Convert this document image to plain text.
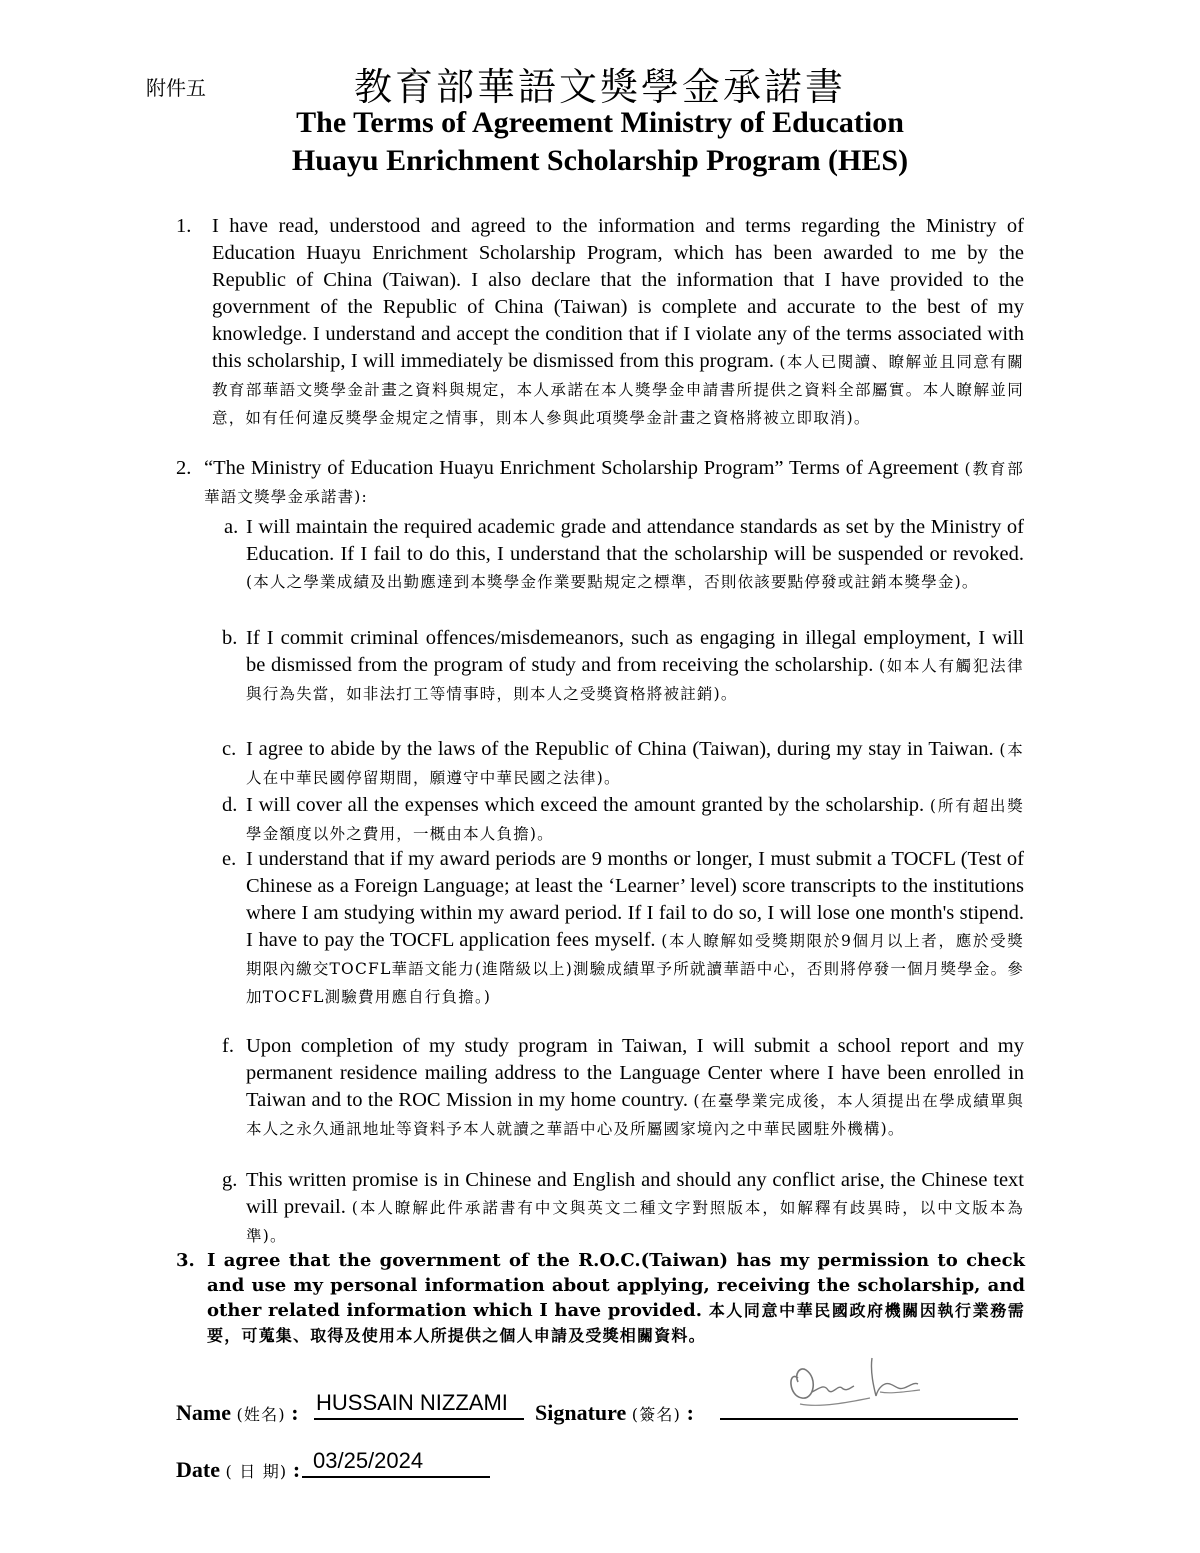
附件五	教育部華語文獎學金承諾書
The Terms of Agreement Ministry of Education
Huayu Enrichment Scholarship Program (HES)
1. I have read, understood and agreed to the information and terms regarding the Ministry of Education Huayu Enrichment Scholarship Program, which has been awarded to me by the Republic of China (Taiwan). I also declare that the information that I have provided to the government of the Republic of China (Taiwan) is complete and accurate to the best of my knowledge. I understand and accept the condition that if I violate any of the terms associated with this scholarship, I will immediately be dismissed from this program. (本人已閱讀、瞭解並且同意有關教育部華語文獎學金計畫之資料與規定，本人承諾在本人獎學金申請書所提供之資料全部屬實。本人瞭解並同意，如有任何違反獎學金規定之情事，則本人參與此項獎學金計畫之資格將被立即取消)。
2. “The Ministry of Education Huayu Enrichment Scholarship Program” Terms of Agreement (教育部華語文獎學金承諾書):
a. I will maintain the required academic grade and attendance standards as set by the Ministry of Education. If I fail to do this, I understand that the scholarship will be suspended or revoked. (本人之學業成績及出勤應達到本獎學金作業要點規定之標準，否則依該要點停發或註銷本獎學金)。
b. If I commit criminal offences/misdemeanors, such as engaging in illegal employment, I will be dismissed from the program of study and from receiving the scholarship. (如本人有觸犯法律與行為失當，如非法打工等情事時，則本人之受獎資格將被註銷)。
c. I agree to abide by the laws of the Republic of China (Taiwan), during my stay in Taiwan. (本人在中華民國停留期間，願遵守中華民國之法律)。
d. I will cover all the expenses which exceed the amount granted by the scholarship. (所有超出獎學金額度以外之費用，一概由本人負擔)。
e. I understand that if my award periods are 9 months or longer, I must submit a TOCFL (Test of Chinese as a Foreign Language; at least the ‘Learner’ level) score transcripts to the institutions where I am studying within my award period. If I fail to do so, I will lose one month's stipend. I have to pay the TOCFL application fees myself. (本人瞭解如受獎期限於9個月以上者，應於受獎期限內繳交TOCFL華語文能力(進階級以上)測驗成績單予所就讀華語中心，否則將停發一個月獎學金。參加TOCFL測驗費用應自行負擔。)
f. Upon completion of my study program in Taiwan, I will submit a school report and my permanent residence mailing address to the Language Center where I have been enrolled in Taiwan and to the ROC Mission in my home country. (在臺學業完成後，本人須提出在學成績單與本人之永久通訊地址等資料予本人就讀之華語中心及所屬國家境內之中華民國駐外機構)。
g. This written promise is in Chinese and English and should any conflict arise, the Chinese text will prevail. (本人瞭解此件承諾書有中文與英文二種文字對照版本，如解釋有歧異時，以中文版本為準)。
3. I agree that the government of the R.O.C.(Taiwan) has my permission to check and use my personal information about applying, receiving the scholarship, and other related information which I have provided. 本人同意中華民國政府機關因執行業務需要，可蒐集、取得及使用本人所提供之個人申請及受獎相關資料。
Name (姓名) : HUSSAIN NIZZAMI Signature (簽名) :
Date ( 日 期) : 03/25/2024
